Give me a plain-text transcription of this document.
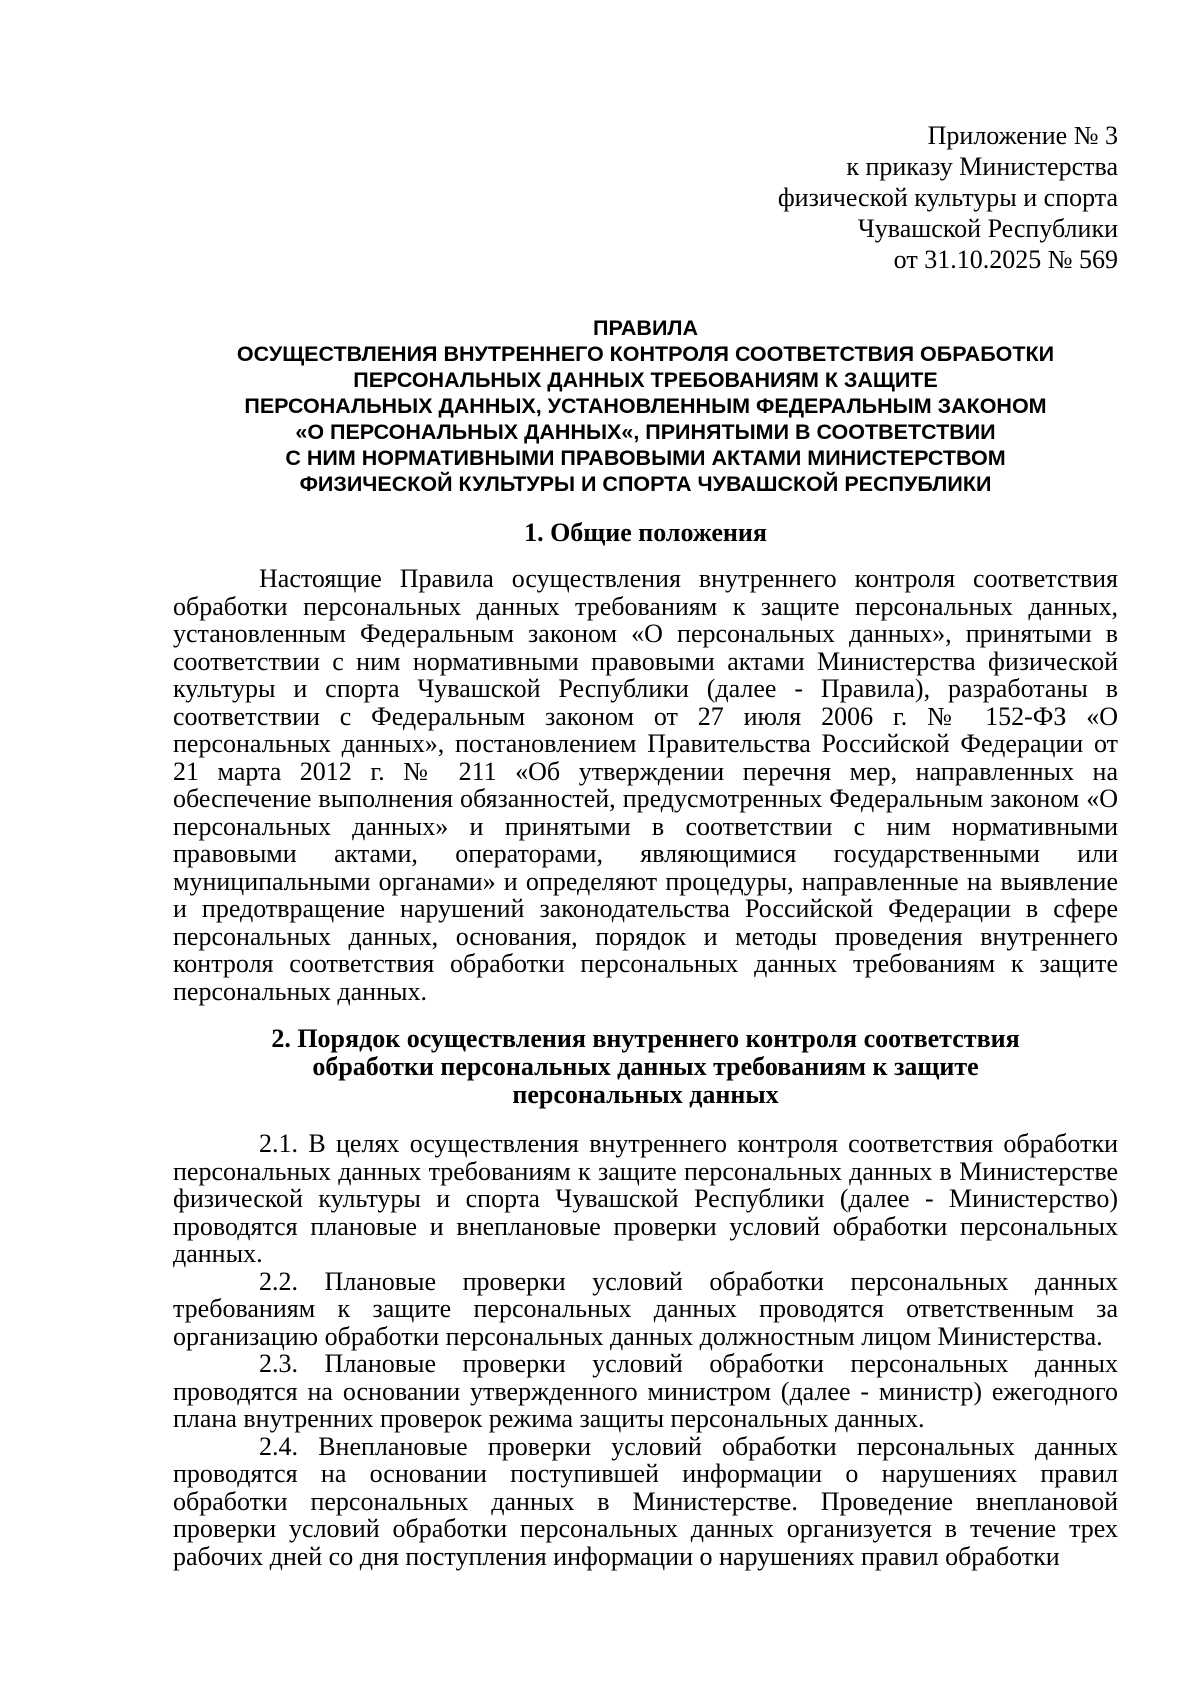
Приложение № 3
к приказу Министерства
физической культуры и спорта
Чувашской Республики
от 31.10.2025 № 569
ПРАВИЛА
ОСУЩЕСТВЛЕНИЯ ВНУТРЕННЕГО КОНТРОЛЯ СООТВЕТСТВИЯ ОБРАБОТКИ
ПЕРСОНАЛЬНЫХ ДАННЫХ ТРЕБОВАНИЯМ К ЗАЩИТЕ
ПЕРСОНАЛЬНЫХ ДАННЫХ, УСТАНОВЛЕННЫМ ФЕДЕРАЛЬНЫМ ЗАКОНОМ
«О ПЕРСОНАЛЬНЫХ ДАННЫХ«, ПРИНЯТЫМИ В СООТВЕТСТВИИ
С НИМ НОРМАТИВНЫМИ ПРАВОВЫМИ АКТАМИ МИНИСТЕРСТВОМ
ФИЗИЧЕСКОЙ КУЛЬТУРЫ И СПОРТА ЧУВАШСКОЙ РЕСПУБЛИКИ
1. Общие положения

Настоящие Правила осуществления внутреннего контроля соответствия обработки персональных данных требованиям к защите персональных данных, установленным Федеральным законом «О персональных данных», принятыми в соответствии с ним нормативными правовыми актами Министерства физической культуры и спорта Чувашской Республики (далее - Правила), разработаны в соответствии с Федеральным законом от 27 июля 2006 г. № 152-ФЗ «О персональных данных», постановлением Правительства Российской Федерации от 21 марта 2012 г. № 211 «Об утверждении перечня мер, направленных на обеспечение выполнения обязанностей, предусмотренных Федеральным законом «О персональных данных» и принятыми в соответствии с ним нормативными правовыми актами, операторами, являющимися государственными или муниципальными органами» и определяют процедуры, направленные на выявление и предотвращение нарушений законодательства Российской Федерации в сфере персональных данных, основания, порядок и методы проведения внутреннего контроля соответствия обработки персональных данных требованиям к защите персональных данных.

2. Порядок осуществления внутреннего контроля соответствия
обработки персональных данных требованиям к защите
персональных данных

2.1. В целях осуществления внутреннего контроля соответствия обработки персональных данных требованиям к защите персональных данных в Министерстве физической культуры и спорта Чувашской Республики (далее - Министерство) проводятся плановые и внеплановые проверки условий обработки персональных данных.

2.2. Плановые проверки условий обработки персональных данных требованиям к защите персональных данных проводятся ответственным за организацию обработки персональных данных должностным лицом Министерства.

2.3. Плановые проверки условий обработки персональных данных проводятся на основании утвержденного министром (далее - министр) ежегодного плана внутренних проверок режима защиты персональных данных.

2.4. Внеплановые проверки условий обработки персональных данных проводятся на основании поступившей информации о нарушениях правил обработки персональных данных в Министерстве. Проведение внеплановой проверки условий обработки персональных данных организуется в течение трех рабочих дней со дня поступления информации о нарушениях правил обработки
